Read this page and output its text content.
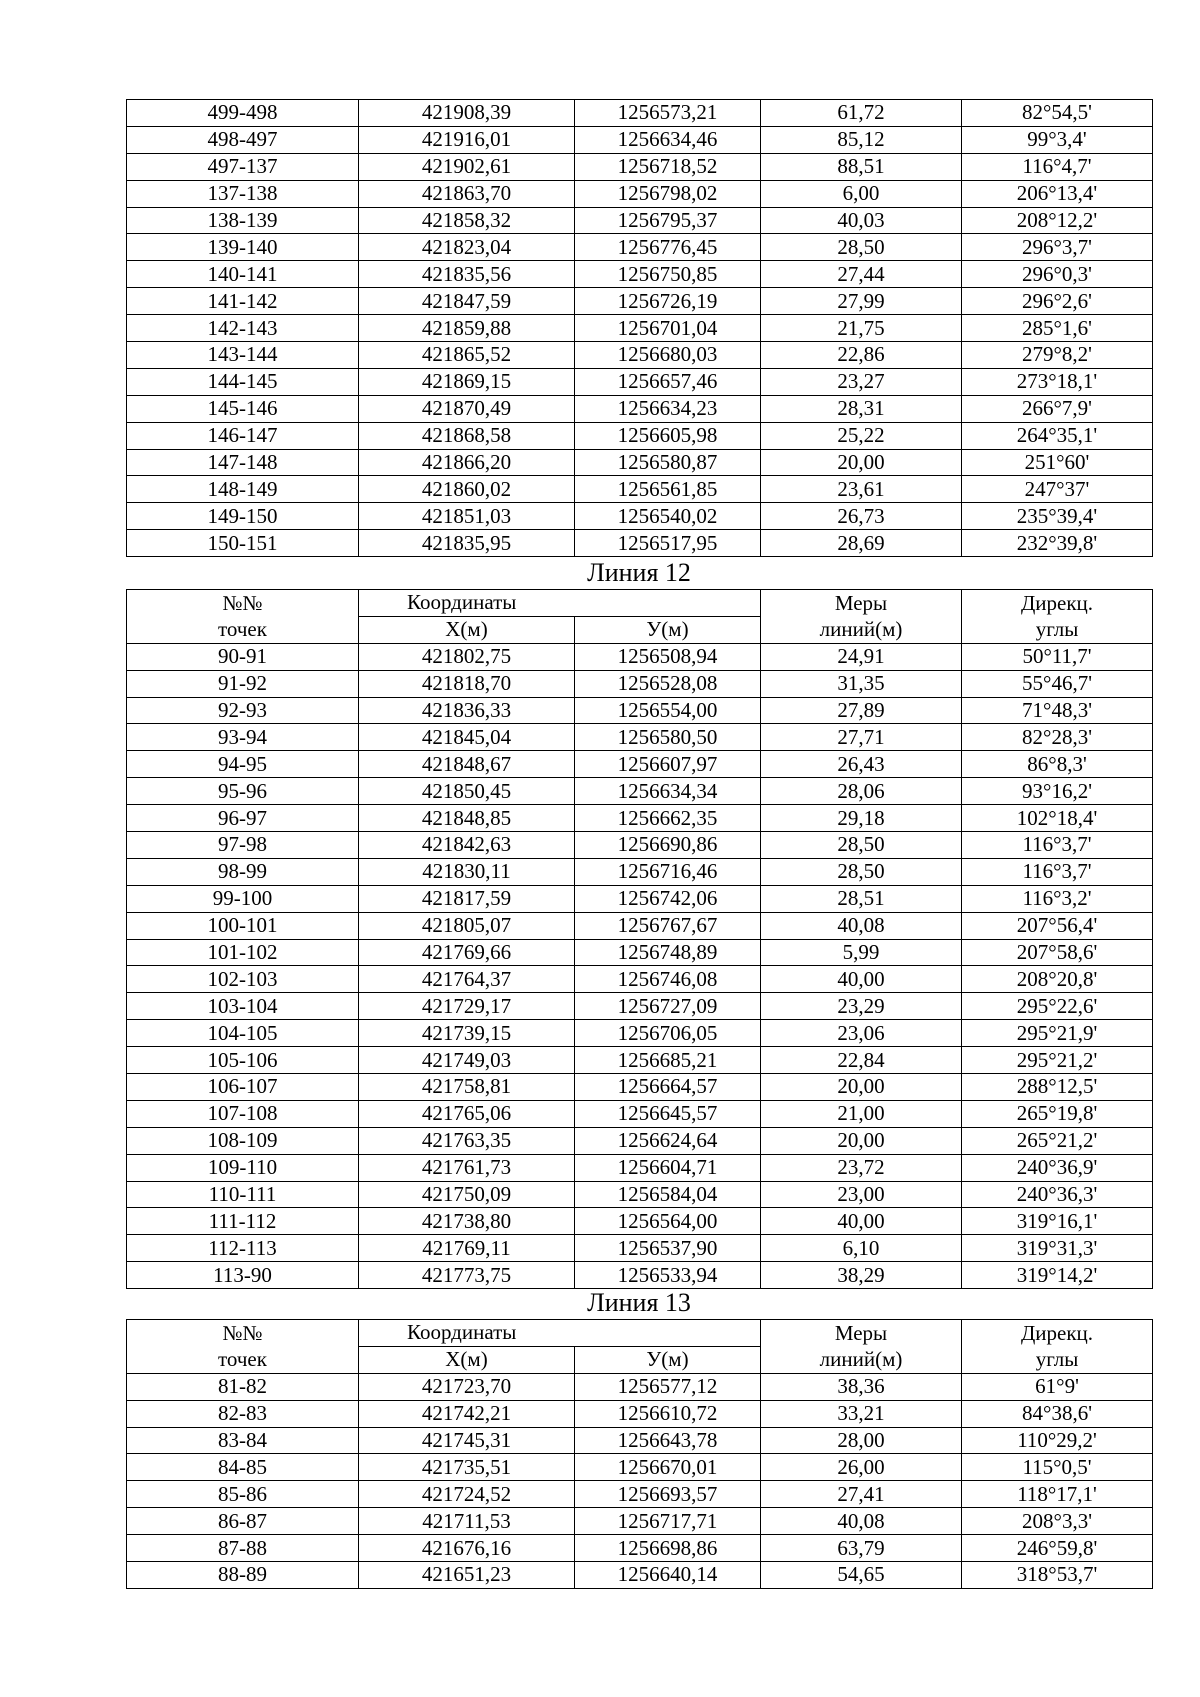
499-498	421908,39	1256573,21	61,72	82°54,5'
498-497	421916,01	1256634,46	85,12	99°3,4'
497-137	421902,61	1256718,52	88,51	116°4,7'
137-138	421863,70	1256798,02	6,00	206°13,4'
138-139	421858,32	1256795,37	40,03	208°12,2'
139-140	421823,04	1256776,45	28,50	296°3,7'
140-141	421835,56	1256750,85	27,44	296°0,3'
141-142	421847,59	1256726,19	27,99	296°2,6'
142-143	421859,88	1256701,04	21,75	285°1,6'
143-144	421865,52	1256680,03	22,86	279°8,2'
144-145	421869,15	1256657,46	23,27	273°18,1'
145-146	421870,49	1256634,23	28,31	266°7,9'
146-147	421868,58	1256605,98	25,22	264°35,1'
147-148	421866,20	1256580,87	20,00	251°60'
148-149	421860,02	1256561,85	23,61	247°37'
149-150	421851,03	1256540,02	26,73	235°39,4'
150-151	421835,95	1256517,95	28,69	232°39,8'
Линия 12
№№	Координаты		Меры	Дирекц.
точек	X(м)	У(м)	линий(м)	углы
90-91	421802,75	1256508,94	24,91	50°11,7'
91-92	421818,70	1256528,08	31,35	55°46,7'
92-93	421836,33	1256554,00	27,89	71°48,3'
93-94	421845,04	1256580,50	27,71	82°28,3'
94-95	421848,67	1256607,97	26,43	86°8,3'
95-96	421850,45	1256634,34	28,06	93°16,2'
96-97	421848,85	1256662,35	29,18	102°18,4'
97-98	421842,63	1256690,86	28,50	116°3,7'
98-99	421830,11	1256716,46	28,50	116°3,7'
99-100	421817,59	1256742,06	28,51	116°3,2'
100-101	421805,07	1256767,67	40,08	207°56,4'
101-102	421769,66	1256748,89	5,99	207°58,6'
102-103	421764,37	1256746,08	40,00	208°20,8'
103-104	421729,17	1256727,09	23,29	295°22,6'
104-105	421739,15	1256706,05	23,06	295°21,9'
105-106	421749,03	1256685,21	22,84	295°21,2'
106-107	421758,81	1256664,57	20,00	288°12,5'
107-108	421765,06	1256645,57	21,00	265°19,8'
108-109	421763,35	1256624,64	20,00	265°21,2'
109-110	421761,73	1256604,71	23,72	240°36,9'
110-111	421750,09	1256584,04	23,00	240°36,3'
111-112	421738,80	1256564,00	40,00	319°16,1'
112-113	421769,11	1256537,90	6,10	319°31,3'
113-90	421773,75	1256533,94	38,29	319°14,2'
Линия 13
№№	Координаты		Меры	Дирекц.
точек	X(м)	У(м)	линий(м)	углы
81-82	421723,70	1256577,12	38,36	61°9'
82-83	421742,21	1256610,72	33,21	84°38,6'
83-84	421745,31	1256643,78	28,00	110°29,2'
84-85	421735,51	1256670,01	26,00	115°0,5'
85-86	421724,52	1256693,57	27,41	118°17,1'
86-87	421711,53	1256717,71	40,08	208°3,3'
87-88	421676,16	1256698,86	63,79	246°59,8'
88-89	421651,23	1256640,14	54,65	318°53,7'
